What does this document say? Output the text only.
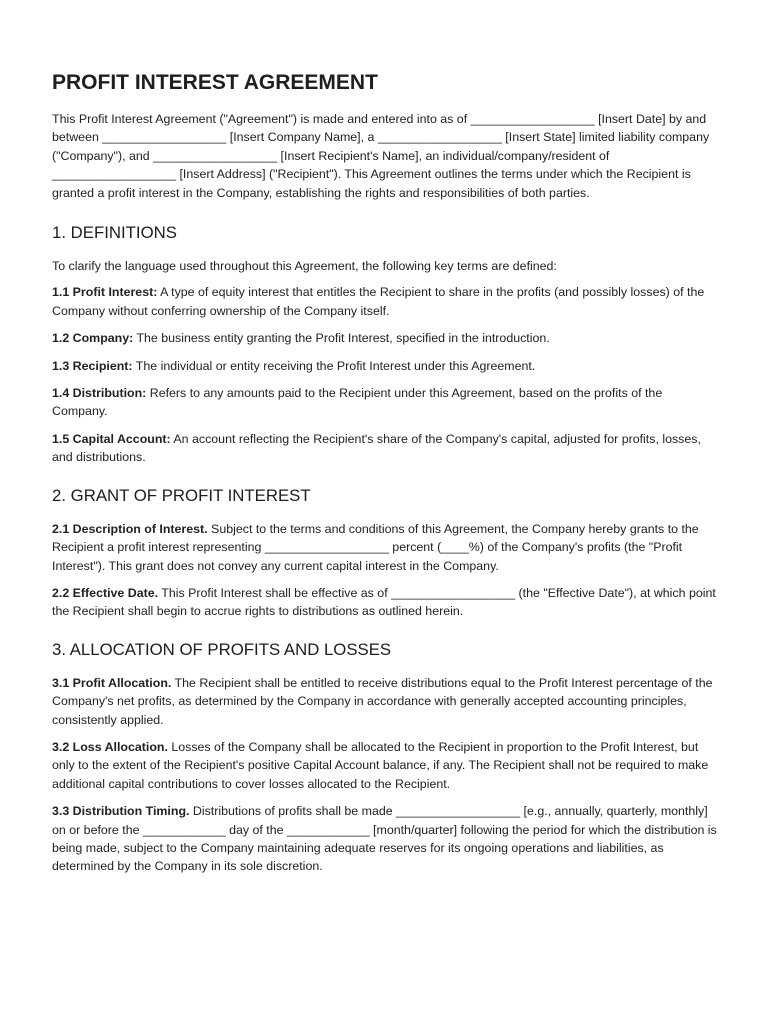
PROFIT INTEREST AGREEMENT

This Profit Interest Agreement ("Agreement") is made and entered into as of __________________ [Insert Date] by and between __________________ [Insert Company Name], a __________________ [Insert State] limited liability company ("Company"), and __________________ [Insert Recipient's Name], an individual/company/resident of __________________ [Insert Address] ("Recipient"). This Agreement outlines the terms under which the Recipient is granted a profit interest in the Company, establishing the rights and responsibilities of both parties.

1. DEFINITIONS

To clarify the language used throughout this Agreement, the following key terms are defined:

1.1 Profit Interest: A type of equity interest that entitles the Recipient to share in the profits (and possibly losses) of the Company without conferring ownership of the Company itself.

1.2 Company: The business entity granting the Profit Interest, specified in the introduction.

1.3 Recipient: The individual or entity receiving the Profit Interest under this Agreement.

1.4 Distribution: Refers to any amounts paid to the Recipient under this Agreement, based on the profits of the Company.

1.5 Capital Account: An account reflecting the Recipient's share of the Company's capital, adjusted for profits, losses, and distributions.

2. GRANT OF PROFIT INTEREST

2.1 Description of Interest. Subject to the terms and conditions of this Agreement, the Company hereby grants to the Recipient a profit interest representing __________________ percent (____%) of the Company's profits (the "Profit Interest"). This grant does not convey any current capital interest in the Company.

2.2 Effective Date. This Profit Interest shall be effective as of __________________ (the "Effective Date"), at which point the Recipient shall begin to accrue rights to distributions as outlined herein.

3. ALLOCATION OF PROFITS AND LOSSES

3.1 Profit Allocation. The Recipient shall be entitled to receive distributions equal to the Profit Interest percentage of the Company's net profits, as determined by the Company in accordance with generally accepted accounting principles, consistently applied.

3.2 Loss Allocation. Losses of the Company shall be allocated to the Recipient in proportion to the Profit Interest, but only to the extent of the Recipient's positive Capital Account balance, if any. The Recipient shall not be required to make additional capital contributions to cover losses allocated to the Recipient.

3.3 Distribution Timing. Distributions of profits shall be made __________________ [e.g., annually, quarterly, monthly] on or before the ____________ day of the ____________ [month/quarter] following the period for which the distribution is being made, subject to the Company maintaining adequate reserves for its ongoing operations and liabilities, as determined by the Company in its sole discretion.
